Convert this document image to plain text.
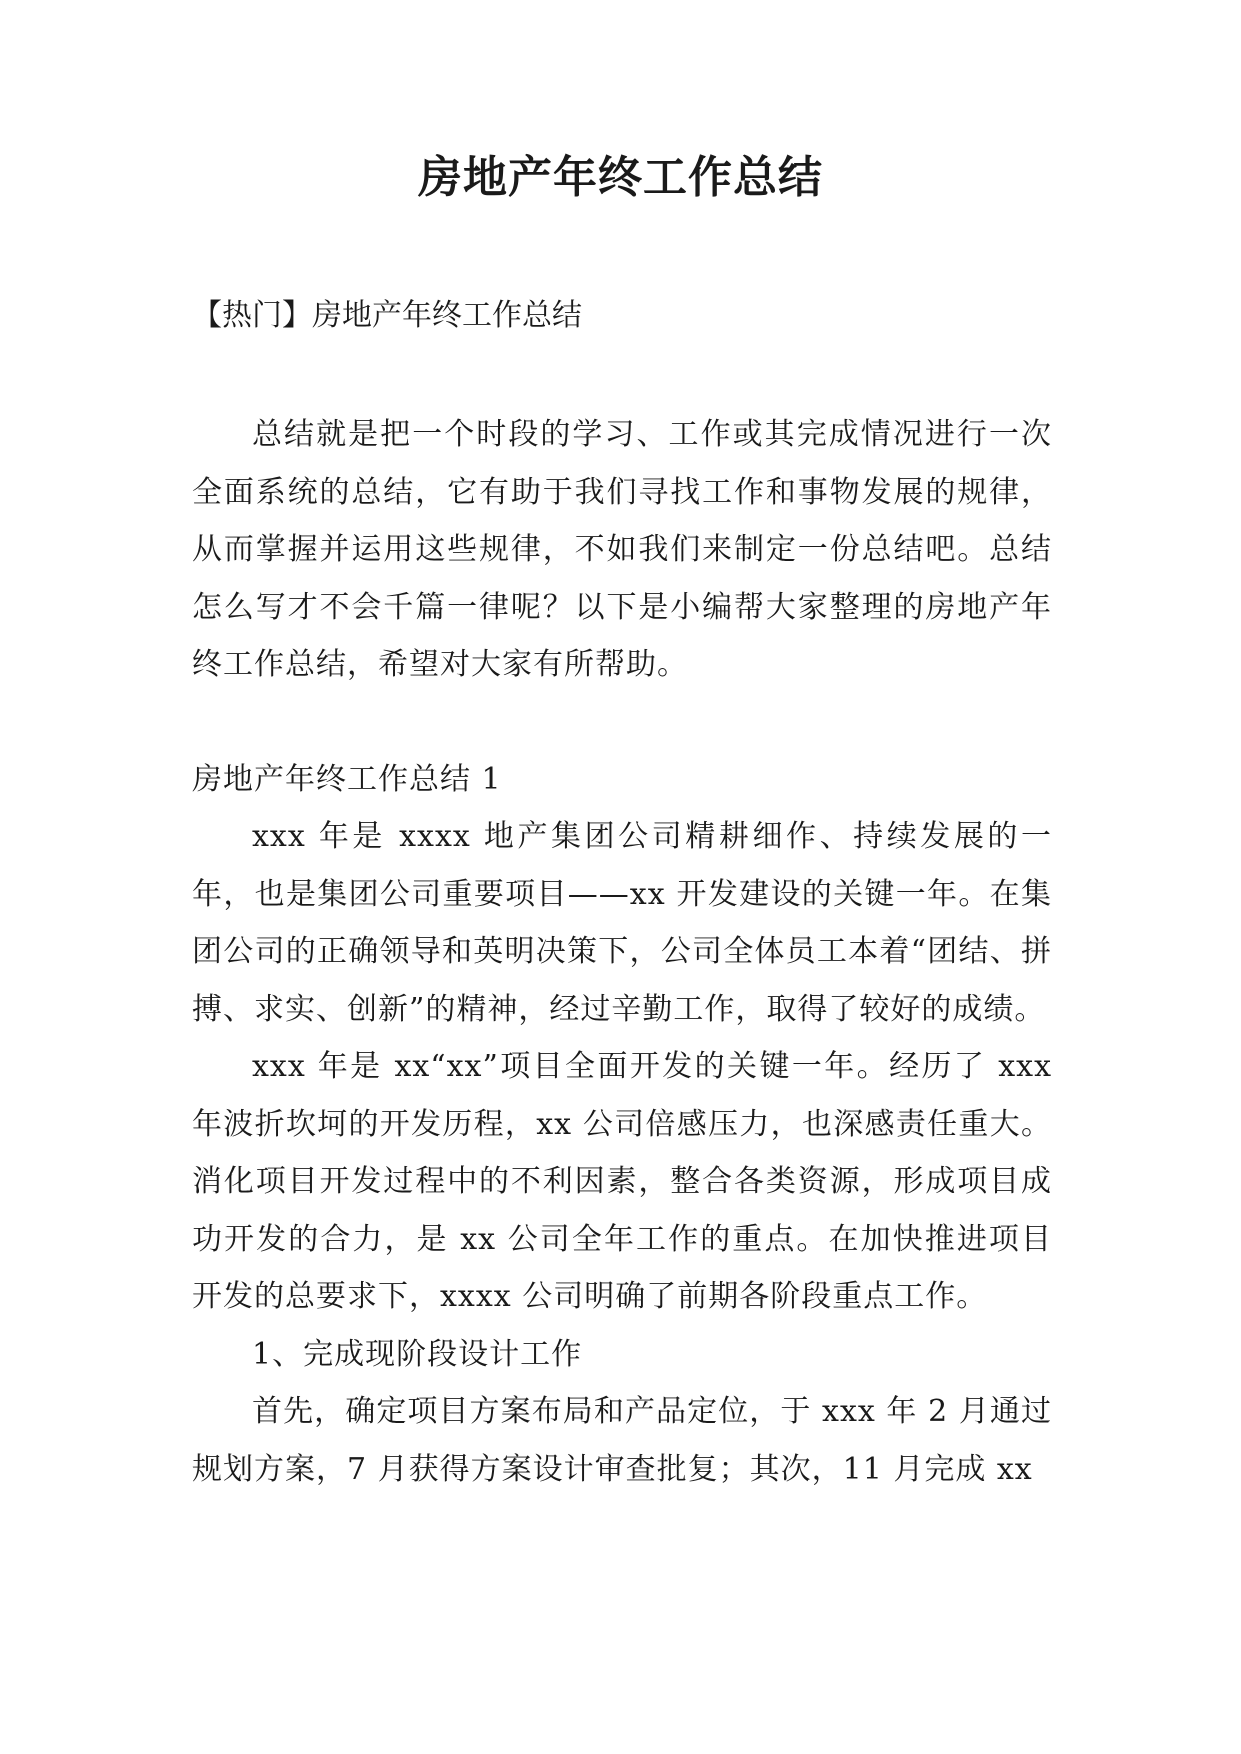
房地产年终工作总结
【热门】房地产年终工作总结

总结就是把一个时段的学习、工作或其完成情况进行一次全面系统的总结，它有助于我们寻找工作和事物发展的规律，从而掌握并运用这些规律，不如我们来制定一份总结吧。总结怎么写才不会千篇一律呢？以下是小编帮大家整理的房地产年终工作总结，希望对大家有所帮助。

房地产年终工作总结 1

xxx 年是 xxxx 地产集团公司精耕细作、持续发展的一年，也是集团公司重要项目——xx 开发建设的关键一年。在集团公司的正确领导和英明决策下，公司全体员工本着“团结、拼搏、求实、创新”的精神，经过辛勤工作，取得了较好的成绩。

xxx 年是 xx“xx”项目全面开发的关键一年。经历了 xxx 年波折坎坷的开发历程，xx 公司倍感压力，也深感责任重大。消化项目开发过程中的不利因素，整合各类资源，形成项目成功开发的合力，是 xx 公司全年工作的重点。在加快推进项目开发的总要求下，xxxx 公司明确了前期各阶段重点工作。

1、完成现阶段设计工作

首先，确定项目方案布局和产品定位，于 xxx 年 2 月通过规划方案，7 月获得方案设计审查批复；其次，11 月完成 xx
